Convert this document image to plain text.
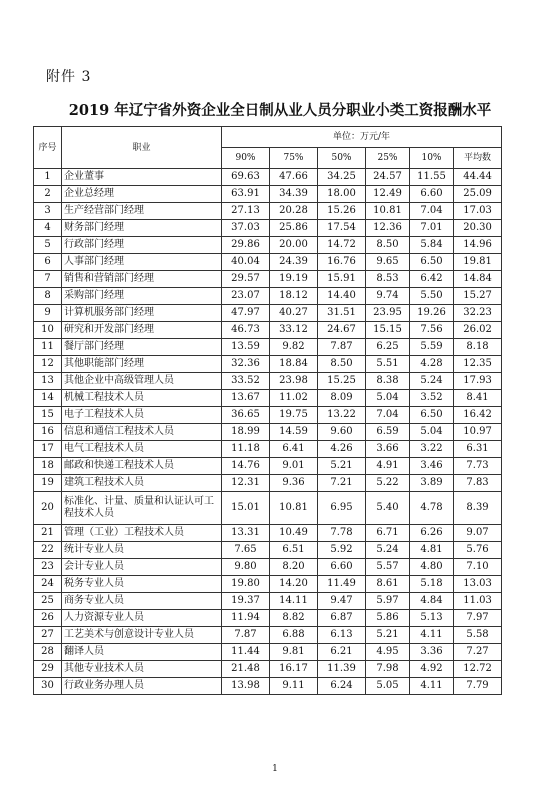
附件 3
2019 年辽宁省外资企业全日制从业人员分职业小类工资报酬水平
序号	职业	单位：万元/年					
		90%	75%	50%	25%	10%	平均数
1	企业董事	69.63	47.66	34.25	24.57	11.55	44.44
2	企业总经理	63.91	34.39	18.00	12.49	6.60	25.09
3	生产经营部门经理	27.13	20.28	15.26	10.81	7.04	17.03
4	财务部门经理	37.03	25.86	17.54	12.36	7.01	20.30
5	行政部门经理	29.86	20.00	14.72	8.50	5.84	14.96
6	人事部门经理	40.04	24.39	16.76	9.65	6.50	19.81
7	销售和营销部门经理	29.57	19.19	15.91	8.53	6.42	14.84
8	采购部门经理	23.07	18.12	14.40	9.74	5.50	15.27
9	计算机服务部门经理	47.97	40.27	31.51	23.95	19.26	32.23
10	研究和开发部门经理	46.73	33.12	24.67	15.15	7.56	26.02
11	餐厅部门经理	13.59	9.82	7.87	6.25	5.59	8.18
12	其他职能部门经理	32.36	18.84	8.50	5.51	4.28	12.35
13	其他企业中高级管理人员	33.52	23.98	15.25	8.38	5.24	17.93
14	机械工程技术人员	13.67	11.02	8.09	5.04	3.52	8.41
15	电子工程技术人员	36.65	19.75	13.22	7.04	6.50	16.42
16	信息和通信工程技术人员	18.99	14.59	9.60	6.59	5.04	10.97
17	电气工程技术人员	11.18	6.41	4.26	3.66	3.22	6.31
18	邮政和快递工程技术人员	14.76	9.01	5.21	4.91	3.46	7.73
19	建筑工程技术人员	12.31	9.36	7.21	5.22	3.89	7.83
20	标准化、计量、质量和认证认可工程技术人员	15.01	10.81	6.95	5.40	4.78	8.39
21	管理（工业）工程技术人员	13.31	10.49	7.78	6.71	6.26	9.07
22	统计专业人员	7.65	6.51	5.92	5.24	4.81	5.76
23	会计专业人员	9.80	8.20	6.60	5.57	4.80	7.10
24	税务专业人员	19.80	14.20	11.49	8.61	5.18	13.03
25	商务专业人员	19.37	14.11	9.47	5.97	4.84	11.03
26	人力资源专业人员	11.94	8.82	6.87	5.86	5.13	7.97
27	工艺美术与创意设计专业人员	7.87	6.88	6.13	5.21	4.11	5.58
28	翻译人员	11.44	9.81	6.21	4.95	3.36	7.27
29	其他专业技术人员	21.48	16.17	11.39	7.98	4.92	12.72
30	行政业务办理人员	13.98	9.11	6.24	5.05	4.11	7.79
1
